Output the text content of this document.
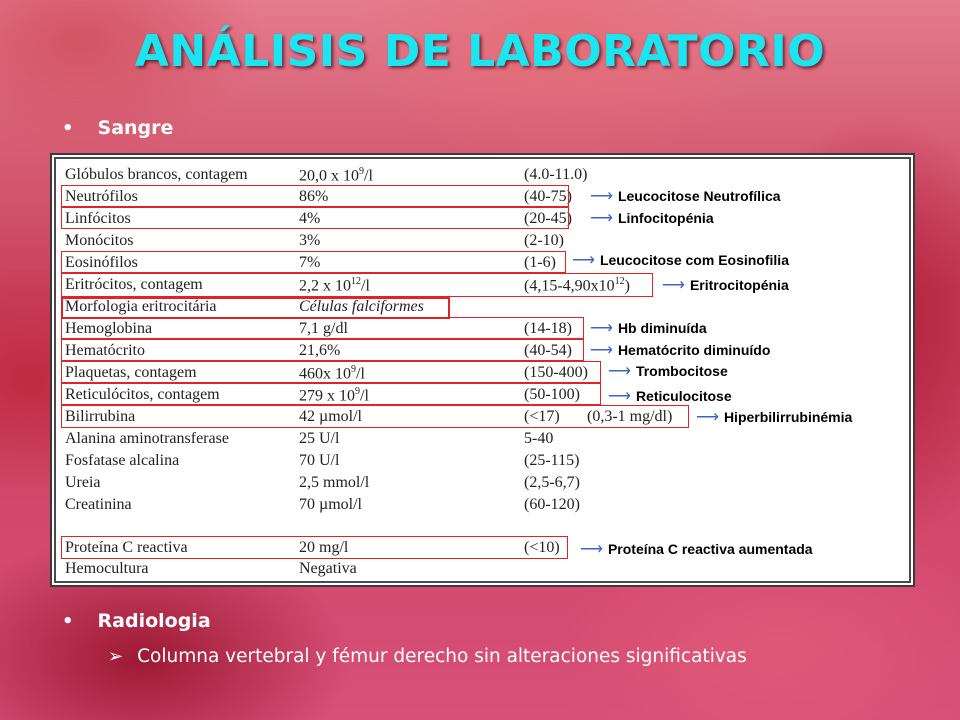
ANÁLISIS DE LABORATORIO
• Sangre
Glóbulos brancos, contagem	20,0 x $10^9/l$	(4.0-11.0)
Neutrófilos	86%	(40-75)
Linfócitos	4%	(20-45)
Monócitos	3%	(2-10)
Eosinófilos	7%	(1-6)
Eritrócitos, contagem	2,2 x $10^{12}/l$	$(4,15-4,90x10^{12})$
Morfologia eritrocitária	Células falciformes
Hemoglobina	7,1 g/dl	(14-18)
Hematócrito	21,6%	(40-54)
Plaquetas, contagem	460x $10^9/l$	(150-400)
Reticulócitos, contagem	279 x $10^9/l$	(50-100)
Bilirrubina	42 µmol/l	(<17) (0,3-1 mg/dl)
Alanina aminotransferase	25 U/l	5-40
Fosfatase alcalina	70 U/l	(25-115)
Ureia	2,5 mmol/l	(2,5-6,7)
Creatinina	70 µmol/l	(60-120)
Proteína C reactiva	20 mg/l	(<10)
Hemocultura	Negativa
⟶ Leucocitose Neutrofílica
⟶ Linfocitopénia
⟶ Leucocitose com Eosinofilia
⟶ Eritrocitopénia
⟶ Hb diminuída
⟶ Hematócrito diminuído
⟶ Trombocitose
⟶ Reticulocitose
⟶ Hiperbilirrubinémia
⟶ Proteína C reactiva aumentada
• Radiologia
➢ Columna vertebral y fémur derecho sin alteraciones significativas
